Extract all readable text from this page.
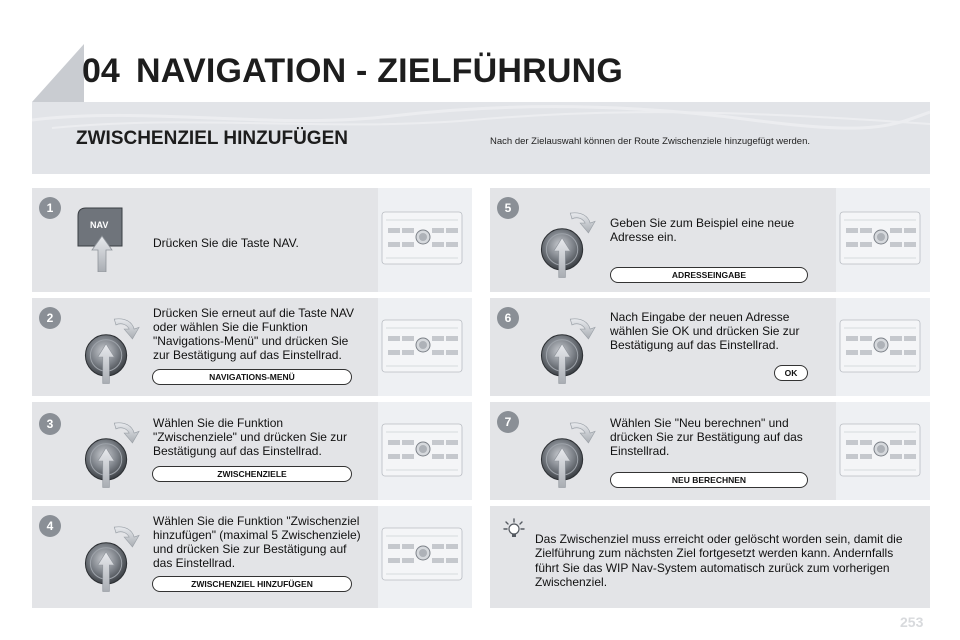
04 NAVIGATION - ZIELFÜHRUNG
ZWISCHENZIEL HINZUFÜGEN	Nach der Zielauswahl können der Route Zwischenziele hinzugefügt werden.
1
NAV
Drücken Sie die Taste NAV.
2	Drücken Sie erneut auf die Taste NAV oder wählen Sie die Funktion "Navigations-Menü" und drücken Sie zur Bestätigung auf das Einstellrad.
NAVIGATIONS-MENÜ
3	Wählen Sie die Funktion "Zwischenziele" und drücken Sie zur Bestätigung auf das Einstellrad.
ZWISCHENZIELE
4	Wählen Sie die Funktion "Zwischenziel hinzufügen" (maximal 5 Zwischenziele) und drücken Sie zur Bestätigung auf das Einstellrad.
ZWISCHENZIEL HINZUFÜGEN
5
Geben Sie zum Beispiel eine neue Adresse ein.
ADRESSEINGABE
6	Nach Eingabe der neuen Adresse wählen Sie OK und drücken Sie zur Bestätigung auf das Einstellrad.
OK
7	Wählen Sie "Neu berechnen" und drücken Sie zur Bestätigung auf das Einstellrad.
NEU BERECHNEN
Das Zwischenziel muss erreicht oder gelöscht worden sein, damit die Zielführung zum nächsten Ziel fortgesetzt werden kann. Andernfalls führt Sie das WIP Nav-System automatisch zurück zum vorherigen Zwischenziel.
253
